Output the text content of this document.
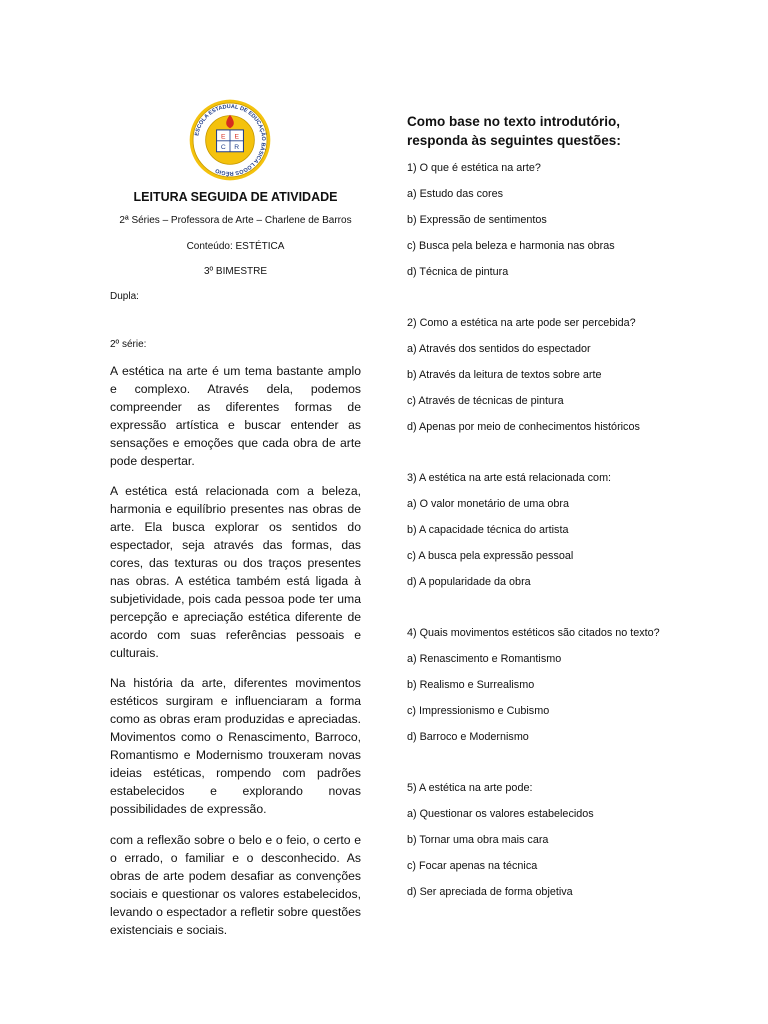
ESCOLA ESTADUAL DE EDUCAÇÃO BÁSICA LOGOS RÉGIO
E E
C R
LEITURA SEGUIDA DE ATIVIDADE
2ª Séries – Professora de Arte – Charlene de Barros
Conteúdo: ESTÉTICA
3º BIMESTRE
Dupla:
2º série:

A estética na arte é um tema bastante amplo e complexo. Através dela, podemos compreender as diferentes formas de expressão artística e buscar entender as sensações e emoções que cada obra de arte pode despertar.

A estética está relacionada com a beleza, harmonia e equilíbrio presentes nas obras de arte. Ela busca explorar os sentidos do espectador, seja através das formas, das cores, das texturas ou dos traços presentes nas obras. A estética também está ligada à subjetividade, pois cada pessoa pode ter uma percepção e apreciação estética diferente de acordo com suas referências pessoais e culturais.

Na história da arte, diferentes movimentos estéticos surgiram e influenciaram a forma como as obras eram produzidas e apreciadas. Movimentos como o Renascimento, Barroco, Romantismo e Modernismo trouxeram novas ideias estéticas, rompendo com padrões estabelecidos e explorando novas possibilidades de expressão.

com a reflexão sobre o belo e o feio, o certo e o errado, o familiar e o desconhecido. As obras de arte podem desafiar as convenções sociais e questionar os valores estabelecidos, levando o espectador a refletir sobre questões existenciais e sociais.

Como base no texto introdutório, responda às seguintes questões:
1) O que é estética na arte?
a) Estudo das cores
b) Expressão de sentimentos
c) Busca pela beleza e harmonia nas obras
d) Técnica de pintura
2) Como a estética na arte pode ser percebida?
a) Através dos sentidos do espectador
b) Através da leitura de textos sobre arte
c) Através de técnicas de pintura
d) Apenas por meio de conhecimentos históricos
3) A estética na arte está relacionada com:
a) O valor monetário de uma obra
b) A capacidade técnica do artista
c) A busca pela expressão pessoal
d) A popularidade da obra
4) Quais movimentos estéticos são citados no texto?
a) Renascimento e Romantismo
b) Realismo e Surrealismo
c) Impressionismo e Cubismo
d) Barroco e Modernismo
5) A estética na arte pode:
a) Questionar os valores estabelecidos
b) Tornar uma obra mais cara
c) Focar apenas na técnica
d) Ser apreciada de forma objetiva
